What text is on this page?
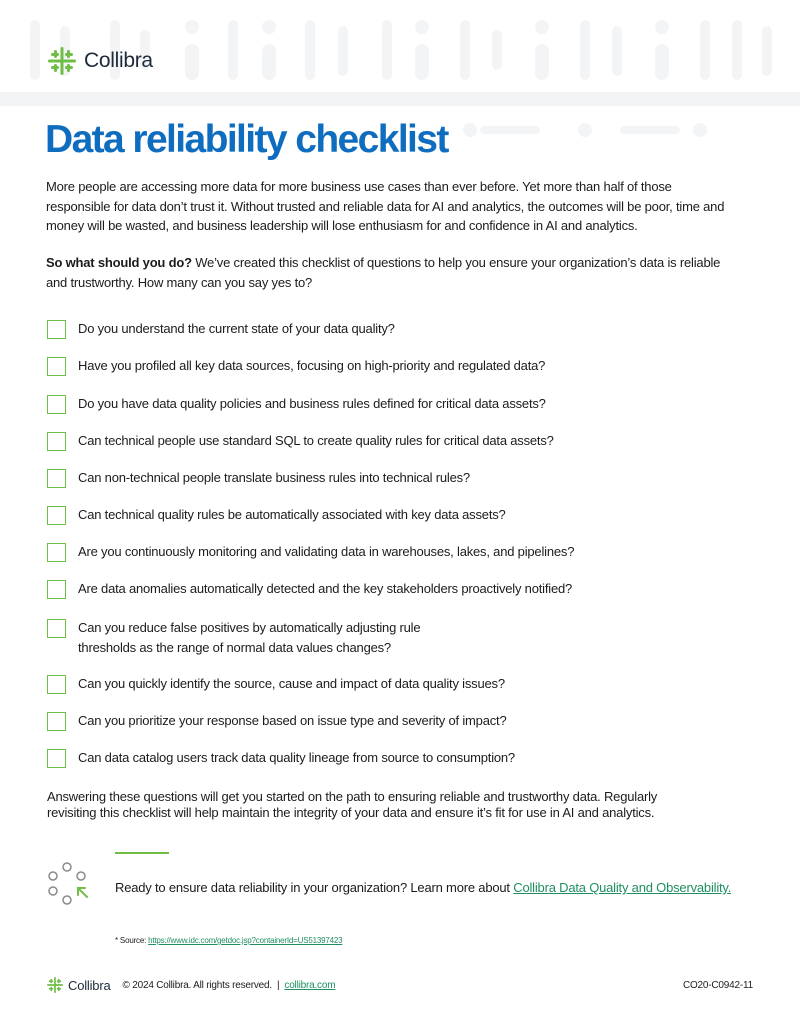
Collibra
Data reliability checklist

More people are accessing more data for more business use cases than ever before. Yet more than half of those responsible for data don’t trust it. Without trusted and reliable data for AI and analytics, the outcomes will be poor, time and money will be wasted, and business leadership will lose enthusiasm for and confidence in AI and analytics.

So what should you do? We’ve created this checklist of questions to help you ensure your organization’s data is reliable and trustworthy. How many can you say yes to?

Do you understand the current state of your data quality?
Have you profiled all key data sources, focusing on high-priority and regulated data?
Do you have data quality policies and business rules defined for critical data assets?
Can technical people use standard SQL to create quality rules for critical data assets?
Can non-technical people translate business rules into technical rules?
Can technical quality rules be automatically associated with key data assets?
Are you continuously monitoring and validating data in warehouses, lakes, and pipelines?
Are data anomalies automatically detected and the key stakeholders proactively notified?
Can you reduce false positives by automatically adjusting rule thresholds as the range of normal data values changes?
Can you quickly identify the source, cause and impact of data quality issues?
Can you prioritize your response based on issue type and severity of impact?
Can data catalog users track data quality lineage from source to consumption?

Answering these questions will get you started on the path to ensuring reliable and trustworthy data. Regularly revisiting this checklist will help maintain the integrity of your data and ensure it’s fit for use in AI and analytics.

Ready to ensure data reliability in your organization? Learn more about Collibra Data Quality and Observability.

* Source: https://www.idc.com/getdoc.jsp?containerId=US51397423

Collibra © 2024 Collibra. All rights reserved. | collibra.com	CO20-C0942-11
